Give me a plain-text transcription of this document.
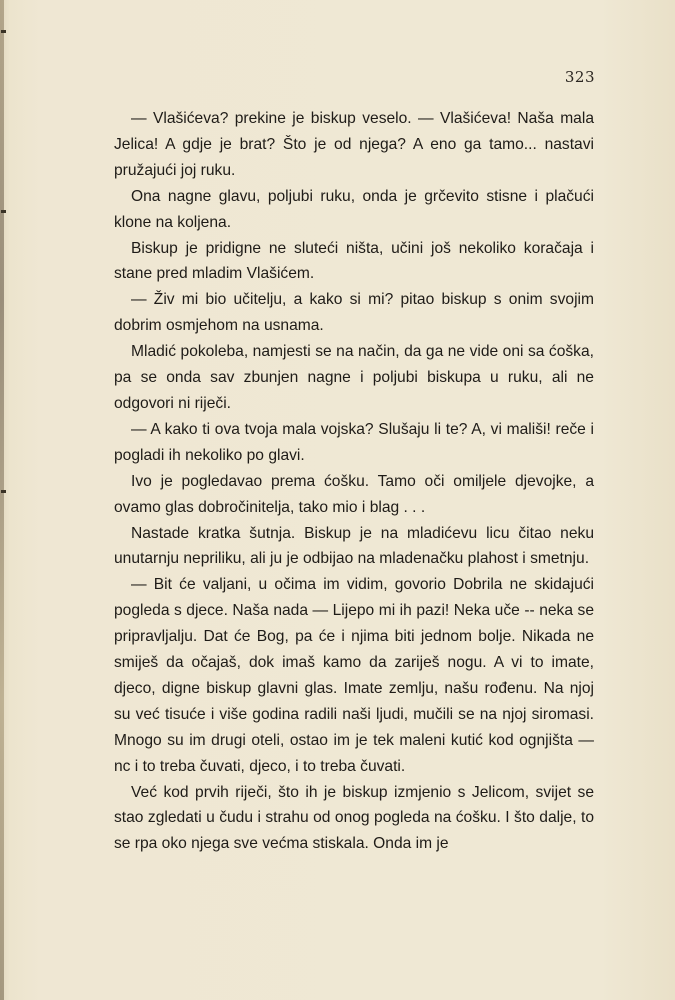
323

— Vlašićeva? prekine je biskup veselo. — Vlašićeva! Naša mala Jelica! A gdje je brat? Što je od njega? A eno ga tamo... nastavi pružajući joj ruku.

Ona nagne glavu, poljubi ruku, onda je grčevito stisne i plačući klone na koljena.

Biskup je pridigne ne sluteći ništa, učini još nekoliko koračaja i stane pred mladim Vlašićem.

— Živ mi bio učitelju, a kako si mi? pitao biskup s onim svojim dobrim osmjehom na usnama.

Mladić pokoleba, namjesti se na način, da ga ne vide oni sa ćoška, pa se onda sav zbunjen nagne i poljubi biskupa u ruku, ali ne odgovori ni riječi.

— A kako ti ova tvoja mala vojska? Slušaju li te? A, vi mališi! reče i pogladi ih nekoliko po glavi.

Ivo je pogledavao prema ćošku. Tamo oči omiljele djevojke, a ovamo glas dobročinitelja, tako mio i blag . . .

Nastade kratka šutnja. Biskup je na mladićevu licu čitao neku unutarnju nepriliku, ali ju je odbijao na mladenačku plahost i smetnju.

— Bit će valjani, u očima im vidim, govorio Dobrila ne skidajući pogleda s djece. Naša nada — Lijepo mi ih pazi! Neka uče -- neka se pripravljalju. Dat će Bog, pa će i njima biti jednom bolje. Nikada ne smiješ da očajaš, dok imaš kamo da zariješ nogu. A vi to imate, djeco, digne biskup glavni glas. Imate zemlju, našu rođenu. Na njoj su već tisuće i više godina radili naši ljudi, mučili se na njoj siromasi. Mnogo su im drugi oteli, ostao im je tek maleni kutić kod ognjišta — nc i to treba čuvati, djeco, i to treba čuvati.

Već kod prvih riječi, što ih je biskup izmjenio s Jelicom, svijet se stao zgledati u čudu i strahu od onog pogleda na ćošku. I što dalje, to se rpa oko njega sve većma stiskala. Onda im je
